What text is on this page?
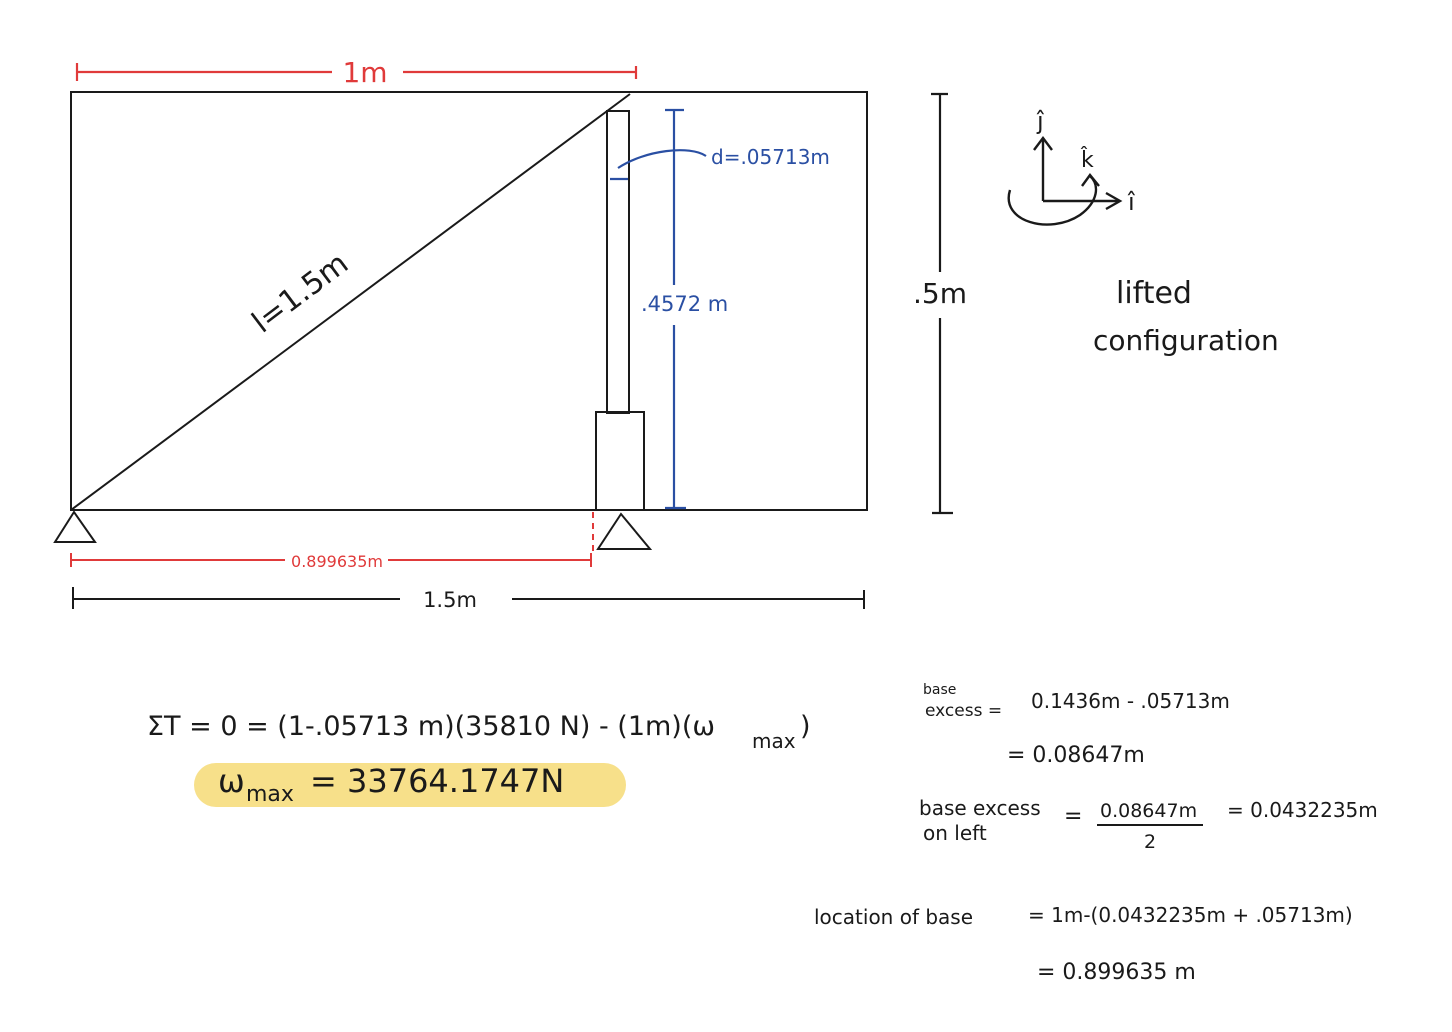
1m
l=1.5m
d=.05713m
.4572 m	.5m
0.899635m
1.5m
ĵ
k̂
î
lifted
configuration
ΣT = 0 = (1-.05713 m)(35810 N) - (1m)(ω max )
ω max = 33764.1747N
base
excess = 0.1436m - .05713m
= 0.08647m
base excess
on left
= 0.08647m
2
= 0.0432235m
location of base	= 1m-(0.0432235m + .05713m)
= 0.899635 m
